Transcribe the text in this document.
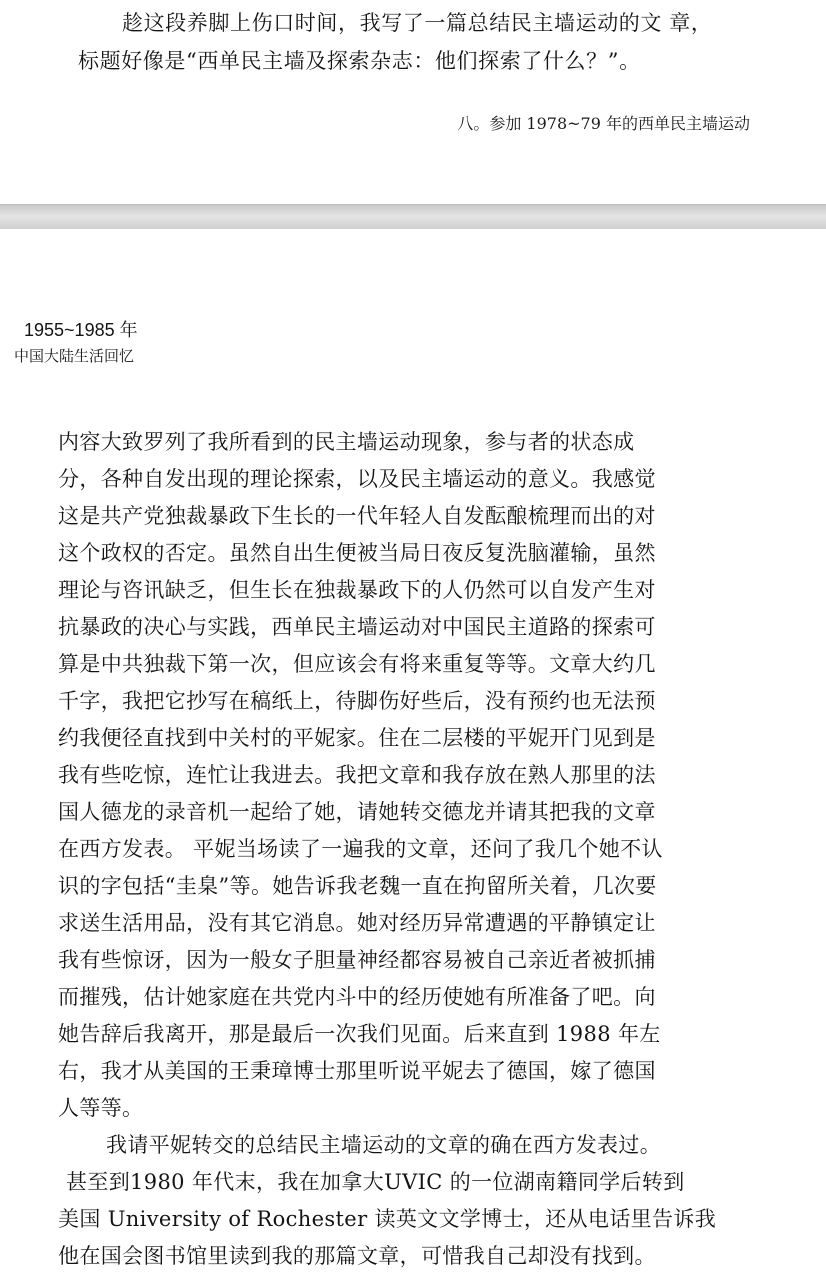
趁这段养脚上伤口时间，我写了一篇总结民主墙运动的文 章，
标题好像是“西单民主墙及探索杂志：他们探索了什么？”。
八。参加 1978~79 年的西单民主墙运动
1955~1985 年
中国大陆生活回忆
内容大致罗列了我所看到的民主墙运动现象，参与者的状态成
分，各种自发出现的理论探索，以及民主墙运动的意义。我感觉
这是共产党独裁暴政下生长的一代年轻人自发酝酿梳理而出的对
这个政权的否定。虽然自出生便被当局日夜反复洗脑灌输，虽然
理论与咨讯缺乏，但生长在独裁暴政下的人仍然可以自发产生对
抗暴政的决心与实践，西单民主墙运动对中国民主道路的探索可
算是中共独裁下第一次，但应该会有将来重复等等。文章大约几
千字，我把它抄写在稿纸上，待脚伤好些后，没有预约也无法预
约我便径直找到中关村的平妮家。住在二层楼的平妮开门见到是
我有些吃惊，连忙让我进去。我把文章和我存放在熟人那里的法
国人德龙的录音机一起给了她，请她转交德龙并请其把我的文章
在西方发表。 平妮当场读了一遍我的文章，还问了我几个她不认
识的字包括“圭臬”等。她告诉我老魏一直在拘留所关着，几次要
求送生活用品，没有其它消息。她对经历异常遭遇的平静镇定让
我有些惊讶，因为一般女子胆量神经都容易被自己亲近者被抓捕
而摧残，估计她家庭在共党内斗中的经历使她有所准备了吧。向
她告辞后我离开，那是最后一次我们见面。后来直到 1988 年左
右，我才从美国的王秉璋博士那里听说平妮去了德国，嫁了德国
人等等。
我请平妮转交的总结民主墙运动的文章的确在西方发表过。
甚至到1980 年代末，我在加拿大UVIC 的一位湖南籍同学后转到
美国 University of Rochester 读英文文学博士，还从电话里告诉我
他在国会图书馆里读到我的那篇文章，可惜我自己却没有找到。
